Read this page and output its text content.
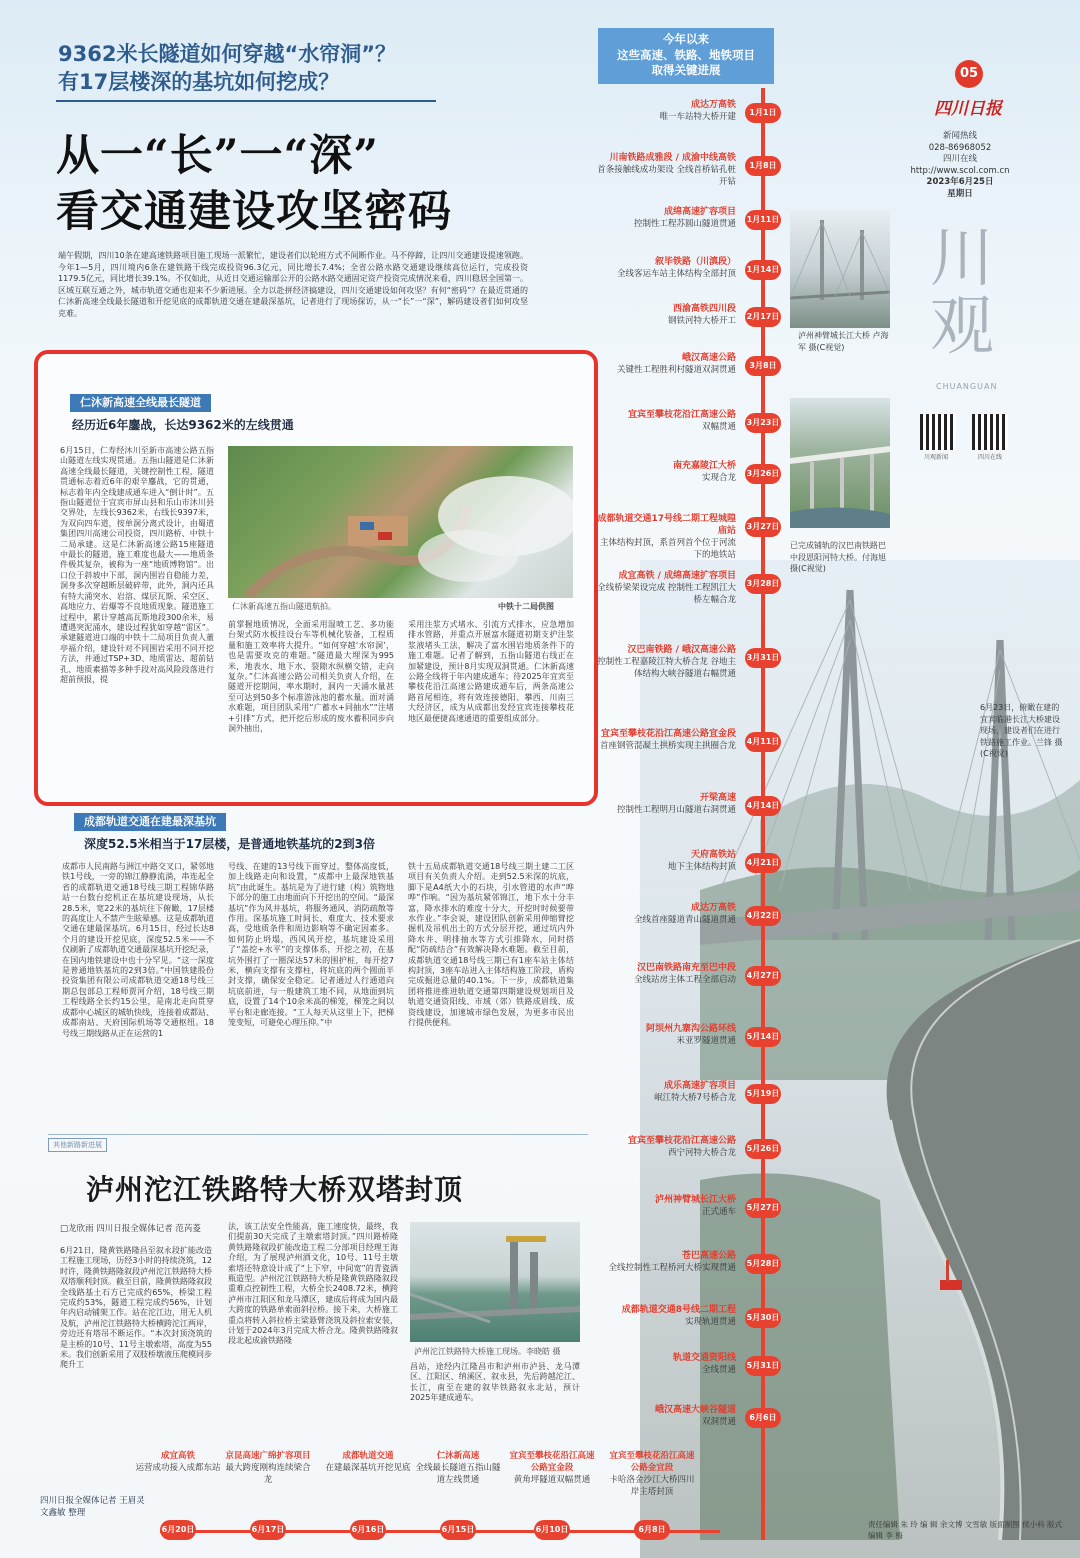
9362米长隧道如何穿越“水帘洞”？
有17层楼深的基坑如何挖成？
从一“长”一“深”
看交通建设攻坚密码
端午假期，四川10条在建高速铁路项目施工现场一派繁忙，建设者们以轮班方式不间断作业。马不停蹄，让四川交通建设提速领跑。今年1—5月，四川境内6条在建铁路干线完成投资96.3亿元，同比增长7.4%；全省公路水路交通建设继续高位运行，完成投资1179.5亿元，同比增长39.1%。不仅如此，从近日交通运输部公开的公路水路交通固定资产投资完成情况来看，四川稳居全国第一。区域互联互通之外，城市轨道交通也迎来不少新进展。全力以赴拼经济搞建设，四川交通建设如何攻坚？有何“密码”？在最近贯通的仁沐新高速全线最长隧道和开挖见底的成都轨道交通在建最深基坑，记者进行了现场探访，从一“长”一“深”，解码建设者们如何攻坚克难。
仁沐新高速全线最长隧道
经历近6年鏖战，长达9362米的左线贯通
6月15日，仁寿经沐川至新市高速公路五指山隧道左线实现贯通。五指山隧道是仁沐新高速全线最长隧道，关键控制性工程，隧道贯通标志着近6年的艰辛鏖战，它的贯通，标志着年内全线建成通车进入“倒计时”。五指山隧道位于宜宾市屏山县和乐山市沐川县交界处，左线长9362米，右线长9397米，为双向四车道，按单洞分离式设计，由蜀道集团四川高速公司投资，四川路桥、中铁十二局承建。这是仁沐新高速公路15座隧道中最长的隧道，施工难度也最大——地质条件极其复杂，被称为一座“地质博物馆”。出口位于斜坡中下部，洞内围岩自稳能力差，洞身多次穿越断层破碎带，此外，洞内还具有特大涌突水、岩溶、煤层瓦斯、采空区、高地应力、岩爆等不良地质现象。隧道施工过程中，累计穿越高瓦斯地段300余米，易遭遇突泥涌水，建设过程犹如穿越“雷区”。承建隧道进口端的中铁十二局项目负责人董亭福介绍，建设针对不同围岩采用不同开挖方法，并通过TSP+3D、地质雷达、超前钻孔、地质素描等多种手段对高风险段落进行超前预报，提
仁沐新高速五指山隧道航拍。	中铁十二局供图
前掌握地质情况，全面采用湿喷工艺、多功能台架式防水板挂设台车等机械化装备，工程质量和施工效率将大提升。“如何穿越‘水帘洞’，也是需要攻克的难题。”隧道最大埋深为995米，地表水、地下水、裂隙水纵横交错，走向复杂。”仁沐高速公路公司相关负责人介绍，在隧道开挖期间，率水期时，洞内一天涌水量甚至可达到50多个标准游泳池的蓄水量。面对涌水难题，项目团队采用“广蓄水+同抽水”“注堵+引排”方式，把开挖后形成的废水蓄积同步向洞外抽出，
采用注浆方式堵水、引流方式排水，应急增加排水管路，并重点开展富水隧道初期支护注浆浆液堵头工法，解决了富水围岩地质条件下的施工难题。记者了解到，五指山隧道右线正在加紧建设，预计8月实现双洞贯通。仁沐新高速公路全线将于年内建成通车；待2025年宜宾至攀枝花沿江高速公路建成通车后，两条高速公路首尾相连，将有效连接德阳、攀西、川南三大经济区，成为从成都出发经宜宾连接攀枝花地区最便捷高速通道的重要组成部分。
成都轨道交通在建最深基坑
深度52.5米相当于17层楼，是普通地铁基坑的2到3倍
成都市人民南路与洲江中路交叉口，紧邻地铁1号线，一旁的锦江静静流淌，串连起全省的成都轨道交通18号线三期工程锦华路站一台数台挖机正在基坑建设现场，从长28.5米，宽22米的基坑往下俯瞰，17层楼的高度让人不禁产生眩晕感。这是成都轨道交通在建最深基坑。6月15日，经过长达8个月的建设开挖见底，深度52.5米——不仅刷新了成都轨道交通最深基坑开挖纪录，在国内地铁建设中也十分罕见。“这一深度是普通地铁基坑的2到3倍。”中国铁建股份投资集团有限公司成都轨道交通18号线三期总包部总工程师贾河介绍，18号线三期工程线路全长约15公里，是南北走向贯穿成都中心城区的城轨快线，连接着成都站、成都南站、天府国际机场等交通枢纽。18号线三期线路从正在运营的1
号线、在建的13号线下面穿过，整体高度低，加上线路走向和设置，“成都中上最深地铁基坑”由此诞生。基坑是为了进行建（构）筑物地下部分的施工由地面向下开挖出的空间。“最深基坑”作为风井基坑，将服务通风、消防疏散等作用。深基坑施工时间长、难度大、技术要求高，受地质条件和周边影响等不确定因素多。如何防止坍塌，西风风开挖，基坑建设采用了“盖挖+水平”的支撑体系，开挖之初，在基坑外围打了一圈深达57米的围护桩，每开挖7米，横向支撑有支撑柱，将坑底的两个圆面半封支撑，确保安全稳定。记者通过人行通道向坑底前进，与一般建筑工地不同，从地面到坑底，设置了14个10余米高的梯笼，梯笼之间以平台和走廊连接。“工人每天从这里上下，把梯笼变短，可避免心理压抑。”中
铁十五局成都轨道交通18号线三期土建二工区项目有关负责人介绍。走到52.5米深的坑底，脚下是A4纸大小的石块，引水管道的水声“哗哗”作响。“因为基坑紧邻锦江，地下水十分丰富，降水排水的难度十分大，开挖时时候要带水作业。”李会说，建设团队创新采用伸缩臂挖掘机及吊机出土的方式分层开挖，通过坑内外降水井、明排抽水等方式引排降水，同时搭配“防疏结合”有效解决降水难题。截至目前，成都轨道交通18号线三期已有1座车站主体结构封顶，3座车站进入主体结构施工阶段，盾构完成掘进总量的40.1%。下一步，成都轨道集团将推进推进轨道交通第四期建设规划项目及轨道交通资阳线、市域（郊）铁路成眉线、成资线建设，加速城市绿色发展，为更多市民出行提供便利。
其他新路新进展
泸州沱江铁路特大桥双塔封顶
□龙欣雨 四川日报全媒体记者 范芮菱
6月21日，隆黄铁路隆昌至叙永段扩能改造工程施工现场，历经3小时的持续浇筑，12时许，隆黄铁路隆叙段泸州沱江铁路特大桥双塔顺利封顶。截至目前，隆黄铁路隆叙段全线路基土石方已完成约65%，桥梁工程完成约53%，隧道工程完成约56%，计划年内启动铺架工作。站在沱江边，用无人机及航，泸州沱江铁路特大桥横跨沱江两岸，旁边还有塔吊不断运作。“本次封顶浇筑的是主桥的10号、11号主墩索塔，高度为55米。我们创新采用了双肢桥墩液压爬模同步爬升工
法，该工法安全性能高，施工速度快，最终，我们提前30天完成了主墩索塔封顶。”四川路桥隆黄铁路隆叙段扩能改造工程二分部项目经理王海介绍，为了展现泸州酒文化，10号、11号主墩索塔还特意设计成了“上下窄，中间宽”的青瓷酒瓶造型。泸州沱江铁路特大桥是隆黄铁路隆叙段重难点控制性工程，大桥全长2408.72米，横跨泸州市江阳区和龙马潭区，建成后将成为国内最大跨度的铁路单索面斜拉桥。接下来，大桥施工重点将转入斜拉桥主梁悬臂浇筑及斜拉索安装，计划于2024年3月完成大桥合龙。隆黄铁路隆叙段北起成渝铁路隆
泸州沱江铁路特大桥施工现场。李晓皓 摄
昌站，途经内江隆昌市和泸州市泸县、龙马潭区、江阳区、纳溪区、叙永县，先后跨越沱江、长江，南至在建的叙毕铁路叙永北站，预计2025年建成通车。
今年以来
这些高速、铁路、地铁项目
取得关键进展
1月1日
成达万高铁
唯一车站特大桥开建
1月8日
川南铁路成雅段 / 成渝中线高铁
首条接触线成功架设 全线首桥钻孔桩开钻
1月11日
成绵高速扩容项目
控制性工程苏圆山隧道贯通
1月14日
叙毕铁路（川滇段）
全线客运车站主体结构全部封顶
2月17日
西渝高铁四川段
钢铁河特大桥开工
3月8日
峨汉高速公路
关键性工程胜利村隧道双洞贯通
3月23日
宜宾至攀枝花沿江高速公路
双幅贯通
3月26日
南充嘉陵江大桥
实现合龙
3月27日
成都轨道交通17号线二期工程城隍庙站
主体结构封顶，系首列首个位于河流下的地铁站
3月28日
成宜高铁 / 成绵高速扩容项目
全线桥梁架设完成 控制性工程凯江大桥左幅合龙
3月31日
汉巴南铁路 / 峨汉高速公路
控制性工程嘉陵江特大桥合龙 谷地主体结构大峡谷隧道右幅贯通
4月11日
宜宾至攀枝花沿江高速公路宜金段
首座钢管混凝土拱桥实现主拱圈合龙
4月14日
开梁高速
控制性工程明月山隧道右洞贯通
4月21日
天府高铁站
地下主体结构封顶
4月22日
成达万高铁
全线首座隧道青山隧道贯通
4月27日
汉巴南铁路南充至巴中段
全线站房主体工程全部启动
5月14日
阿坝州九寨沟公路环线
米亚罗隧道贯通
5月19日
成乐高速扩容项目
岷江特大桥7号桥合龙
5月26日
宜宾至攀枝花沿江高速公路
西宁河特大桥合龙
5月27日
泸州神臂城长江大桥
正式通车
5月28日
苍巴高速公路
全线控制性工程桥河大桥实现贯通
5月30日
成都轨道交通8号线二期工程
实现轨道贯通
5月31日
轨道交通资阳线
全线贯通
6月6日
峨汉高速大峡谷隧道
双洞贯通
6月20日
成宜高铁
运营成功接入成都东站
6月17日
京昆高速广绵扩容项目
最大跨度刚构连续梁合龙
6月16日
成都轨道交通
在建最深基坑开挖见底
6月15日
仁沐新高速
全线最长隧道五指山隧道左线贯通
6月10日
宜宾至攀枝花沿江高速公路宜金段
黄角坪隧道双幅贯通
6月8日
宜宾至攀枝花沿江高速公路金宜段
卡哈洛金沙江大桥四川岸主塔封顶
四川日报全媒体记者 王眉灵 文鑫敏 整理
泸州神臂城长江大桥 卢海军 摄(C视觉)
已完成铺轨的汉巴南铁路巴中段恩阳河特大桥。付海旭 摄(C视觉)
6月23日，俯瞰在建的宜宾临港长江大桥建设现场，建设者们在进行铁路施工作业。兰锋 摄(C视觉)
05
四川日报
新闻热线
028-86968052
四川在线
http://www.scol.com.cn
2023年6月25日
星期日
川观
CHUANGUAN
川观新闻	四川在线
责任编辑 朱 玲 编 辑 余文博 文雪敏 版面制图 侯小科 版式编辑 李 梅
